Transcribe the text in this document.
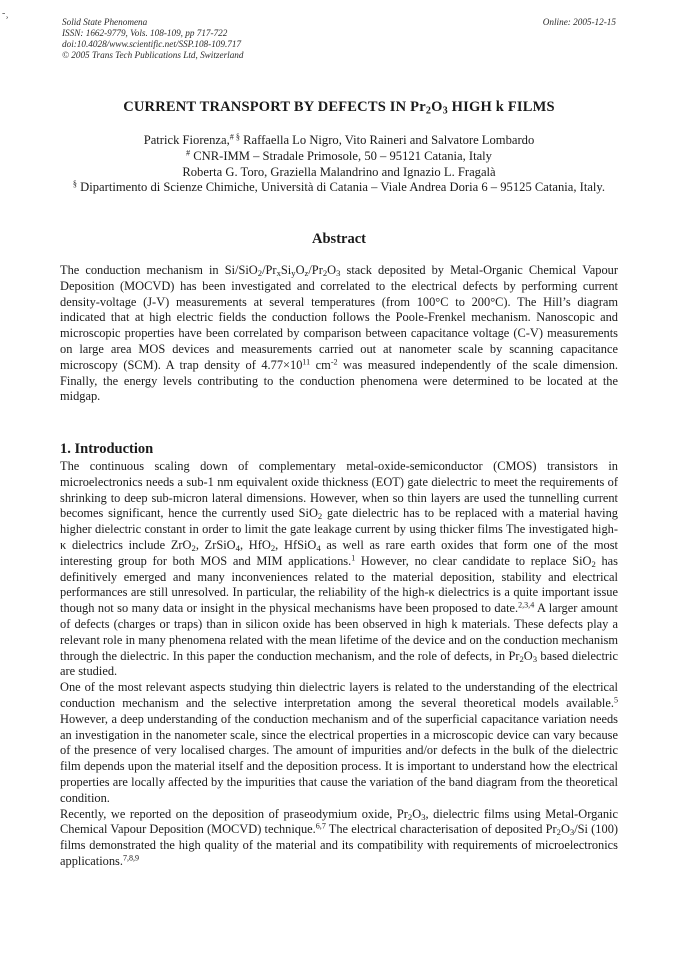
-¸
Solid State Phenomena
ISSN: 1662-9779, Vols. 108-109, pp 717-722
doi:10.4028/www.scientific.net/SSP.108-109.717
© 2005 Trans Tech Publications Ltd, Switzerland
Online: 2005-12-15
CURRENT TRANSPORT BY DEFECTS IN $Pr_2O_3$ HIGH k FILMS
Patrick Fiorenza,# § Raffaella Lo Nigro, Vito Raineri and Salvatore Lombardo
# CNR-IMM – Stradale Primosole, 50 – 95121 Catania, Italy
Roberta G. Toro, Graziella Malandrino and Ignazio L. Fragalà
§ Dipartimento di Scienze Chimiche, Università di Catania – Viale Andrea Doria 6 – 95125 Catania, Italy.
Abstract
The conduction mechanism in $Si/SiO_2/Pr_xSi_yO_z/Pr_2O_3$ stack deposited by Metal-Organic Chemical Vapour Deposition (MOCVD) has been investigated and correlated to the electrical defects by performing current density-voltage (J-V) measurements at several temperatures (from 100°C to 200°C). The Hill’s diagram indicated that at high electric fields the conduction follows the Poole-Frenkel mechanism. Nanoscopic and microscopic properties have been correlated by comparison between capacitance voltage (C-V) measurements on large area MOS devices and measurements carried out at nanometer scale by scanning capacitance microscopy (SCM). A trap density of $4.77\times 10^{11}$ $cm^{-2}$ was measured independently of the scale dimension. Finally, the energy levels contributing to the conduction phenomena were determined to be located at the midgap.
1. Introduction

The continuous scaling down of complementary metal-oxide-semiconductor (CMOS) transistors in microelectronics needs a sub-1 nm equivalent oxide thickness (EOT) gate dielectric to meet the requirements of shrinking to deep sub-micron lateral dimensions. However, when so thin layers are used the tunnelling current becomes significant, hence the currently used SiO$_2$ gate dielectric has to be replaced with a material having higher dielectric constant in order to limit the gate leakage current by using thicker films The investigated high-κ dielectrics include ZrO$_2$, ZrSiO$_4$, HfO$_2$, HfSiO$_4$ as well as rare earth oxides that form one of the most interesting group for both MOS and MIM applications.$^1$ However, no clear candidate to replace SiO$_2$ has definitively emerged and many inconveniences related to the material deposition, stability and electrical performances are still unresolved. In particular, the reliability of the high-κ dielectrics is a quite important issue though not so many data or insight in the physical mechanisms have been proposed to date.$^{2,3,4}$ A larger amount of defects (charges or traps) than in silicon oxide has been observed in high k materials. These defects play a relevant role in many phenomena related with the mean lifetime of the device and on the conduction mechanism through the dielectric. In this paper the conduction mechanism, and the role of defects, in $Pr_2O_3$ based dielectric are studied.

One of the most relevant aspects studying thin dielectric layers is related to the understanding of the electrical conduction mechanism and the selective interpretation among the several theoretical models available.$^5$ However, a deep understanding of the conduction mechanism and of the superficial capacitance variation needs an investigation in the nanometer scale, since the electrical properties in a microscopic device can vary because of the presence of very localised charges. The amount of impurities and/or defects in the bulk of the dielectric film depends upon the material itself and the deposition process. It is important to understand how the electrical properties are locally affected by the impurities that cause the variation of the band diagram from the theoretical condition.

Recently, we reported on the deposition of praseodymium oxide, $Pr_2O_3$, dielectric films using Metal-Organic Chemical Vapour Deposition (MOCVD) technique.$^{6,7}$ The electrical characterisation of deposited $Pr_2O_3/Si$ (100) films demonstrated the high quality of the material and its compatibility with requirements of microelectronics applications.$^{7,8,9}$
